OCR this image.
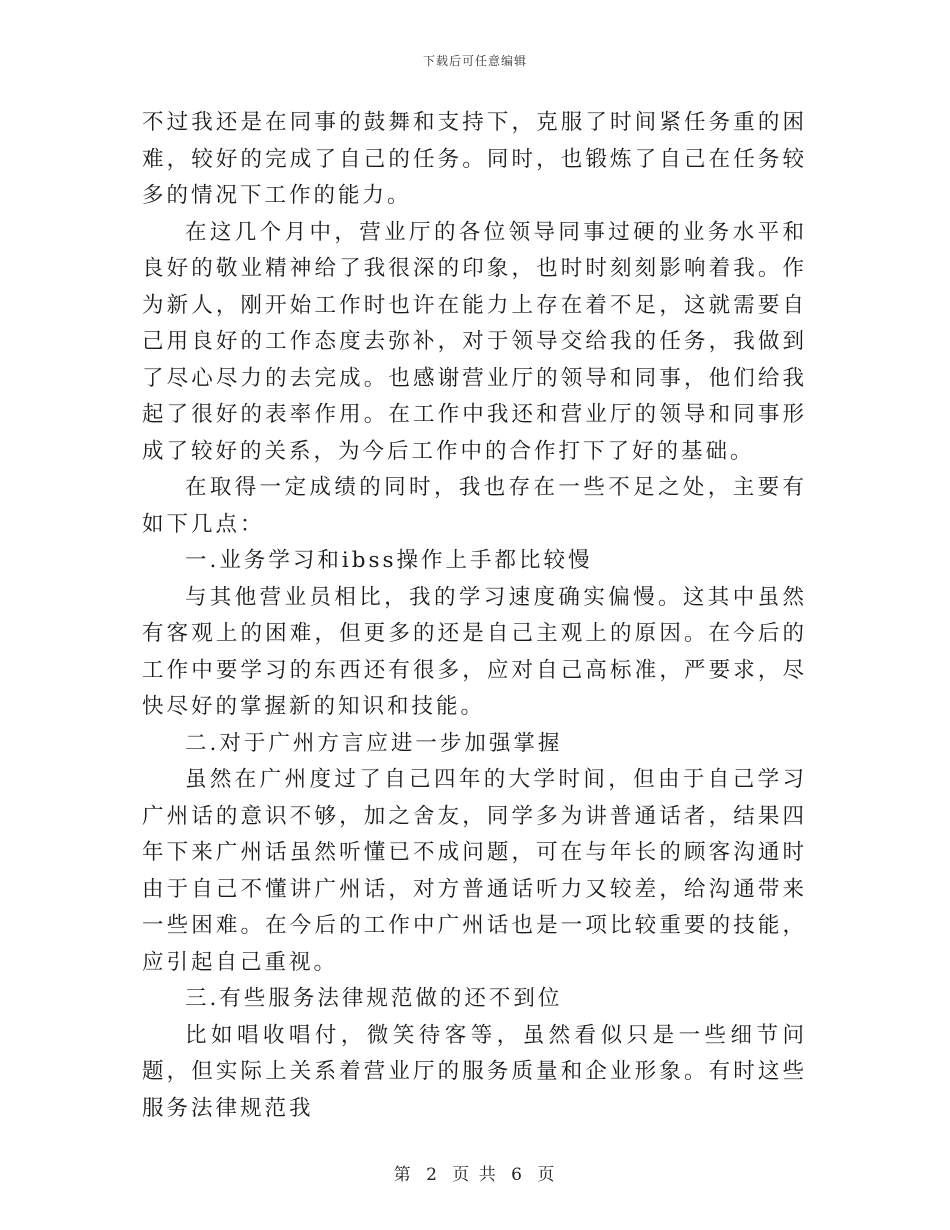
下载后可任意编辑

不过我还是在同事的鼓舞和支持下，克服了时间紧任务重的困难，较好的完成了自己的任务。同时，也锻炼了自己在任务较多的情况下工作的能力。

在这几个月中，营业厅的各位领导同事过硬的业务水平和良好的敬业精神给了我很深的印象，也时时刻刻影响着我。作为新人，刚开始工作时也许在能力上存在着不足，这就需要自己用良好的工作态度去弥补，对于领导交给我的任务，我做到了尽心尽力的去完成。也感谢营业厅的领导和同事，他们给我起了很好的表率作用。在工作中我还和营业厅的领导和同事形成了较好的关系，为今后工作中的合作打下了好的基础。

在取得一定成绩的同时，我也存在一些不足之处，主要有如下几点：

一.业务学习和ibss操作上手都比较慢

与其他营业员相比，我的学习速度确实偏慢。这其中虽然有客观上的困难，但更多的还是自己主观上的原因。在今后的工作中要学习的东西还有很多，应对自己高标准，严要求，尽快尽好的掌握新的知识和技能。

二.对于广州方言应进一步加强掌握

虽然在广州度过了自己四年的大学时间，但由于自己学习广州话的意识不够，加之舍友，同学多为讲普通话者，结果四年下来广州话虽然听懂已不成问题，可在与年长的顾客沟通时由于自己不懂讲广州话，对方普通话听力又较差，给沟通带来一些困难。在今后的工作中广州话也是一项比较重要的技能，应引起自己重视。

三.有些服务法律规范做的还不到位

比如唱收唱付，微笑待客等，虽然看似只是一些细节问题，但实际上关系着营业厅的服务质量和企业形象。有时这些服务法律规范我

第 2 页 共 6 页
